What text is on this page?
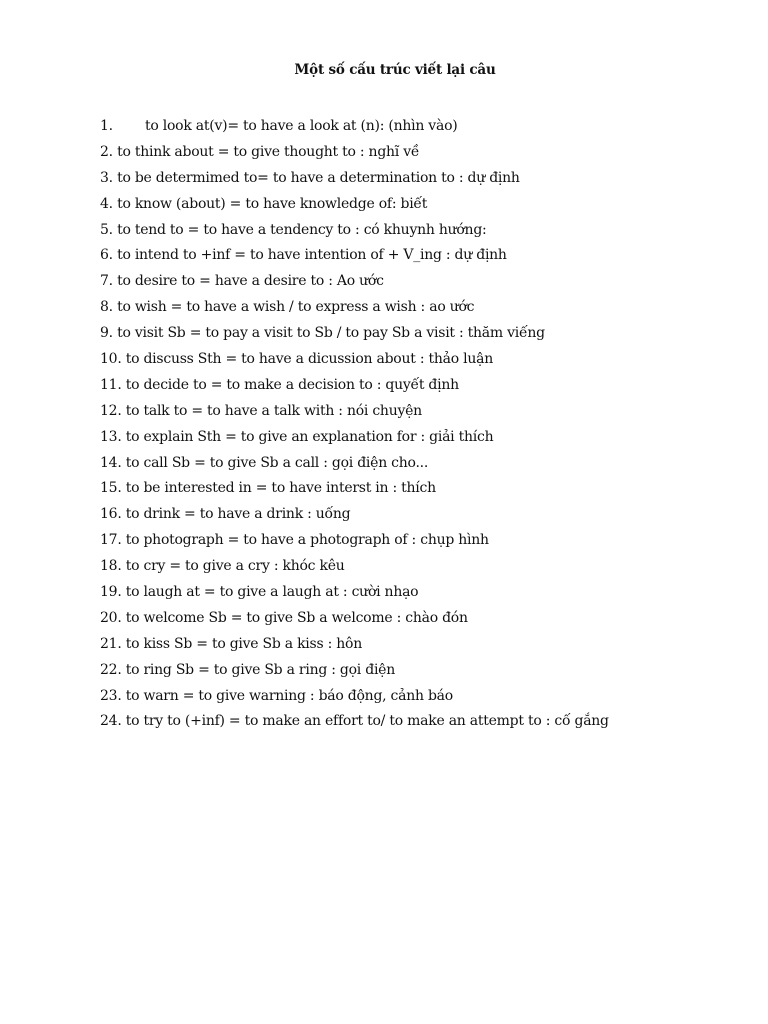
Một số cấu trúc viết lại câu
1. to look at(v)= to have a look at (n): (nhìn vào)
2. to think about = to give thought to : nghĩ về
3. to be determimed to= to have a determination to : dự định
4. to know (about) = to have knowledge of: biết
5. to tend to = to have a tendency to : có khuynh hướng:
6. to intend to +inf = to have intention of + V_ing : dự định
7. to desire to = have a desire to : Ao ước
8. to wish = to have a wish / to express a wish : ao ước
9. to visit Sb = to pay a visit to Sb / to pay Sb a visit : thăm viếng
10. to discuss Sth = to have a dicussion about : thảo luận
11. to decide to = to make a decision to : quyết định
12. to talk to = to have a talk with : nói chuyện
13. to explain Sth = to give an explanation for : giải thích
14. to call Sb = to give Sb a call : gọi điện cho...
15. to be interested in = to have interst in : thích
16. to drink = to have a drink : uống
17. to photograph = to have a photograph of : chụp hình
18. to cry = to give a cry : khóc kêu
19. to laugh at = to give a laugh at : cười nhạo
20. to welcome Sb = to give Sb a welcome : chào đón
21. to kiss Sb = to give Sb a kiss : hôn
22. to ring Sb = to give Sb a ring : gọi điện
23. to warn = to give warning : báo động, cảnh báo
24. to try to (+inf) = to make an effort to/ to make an attempt to : cố gắng
